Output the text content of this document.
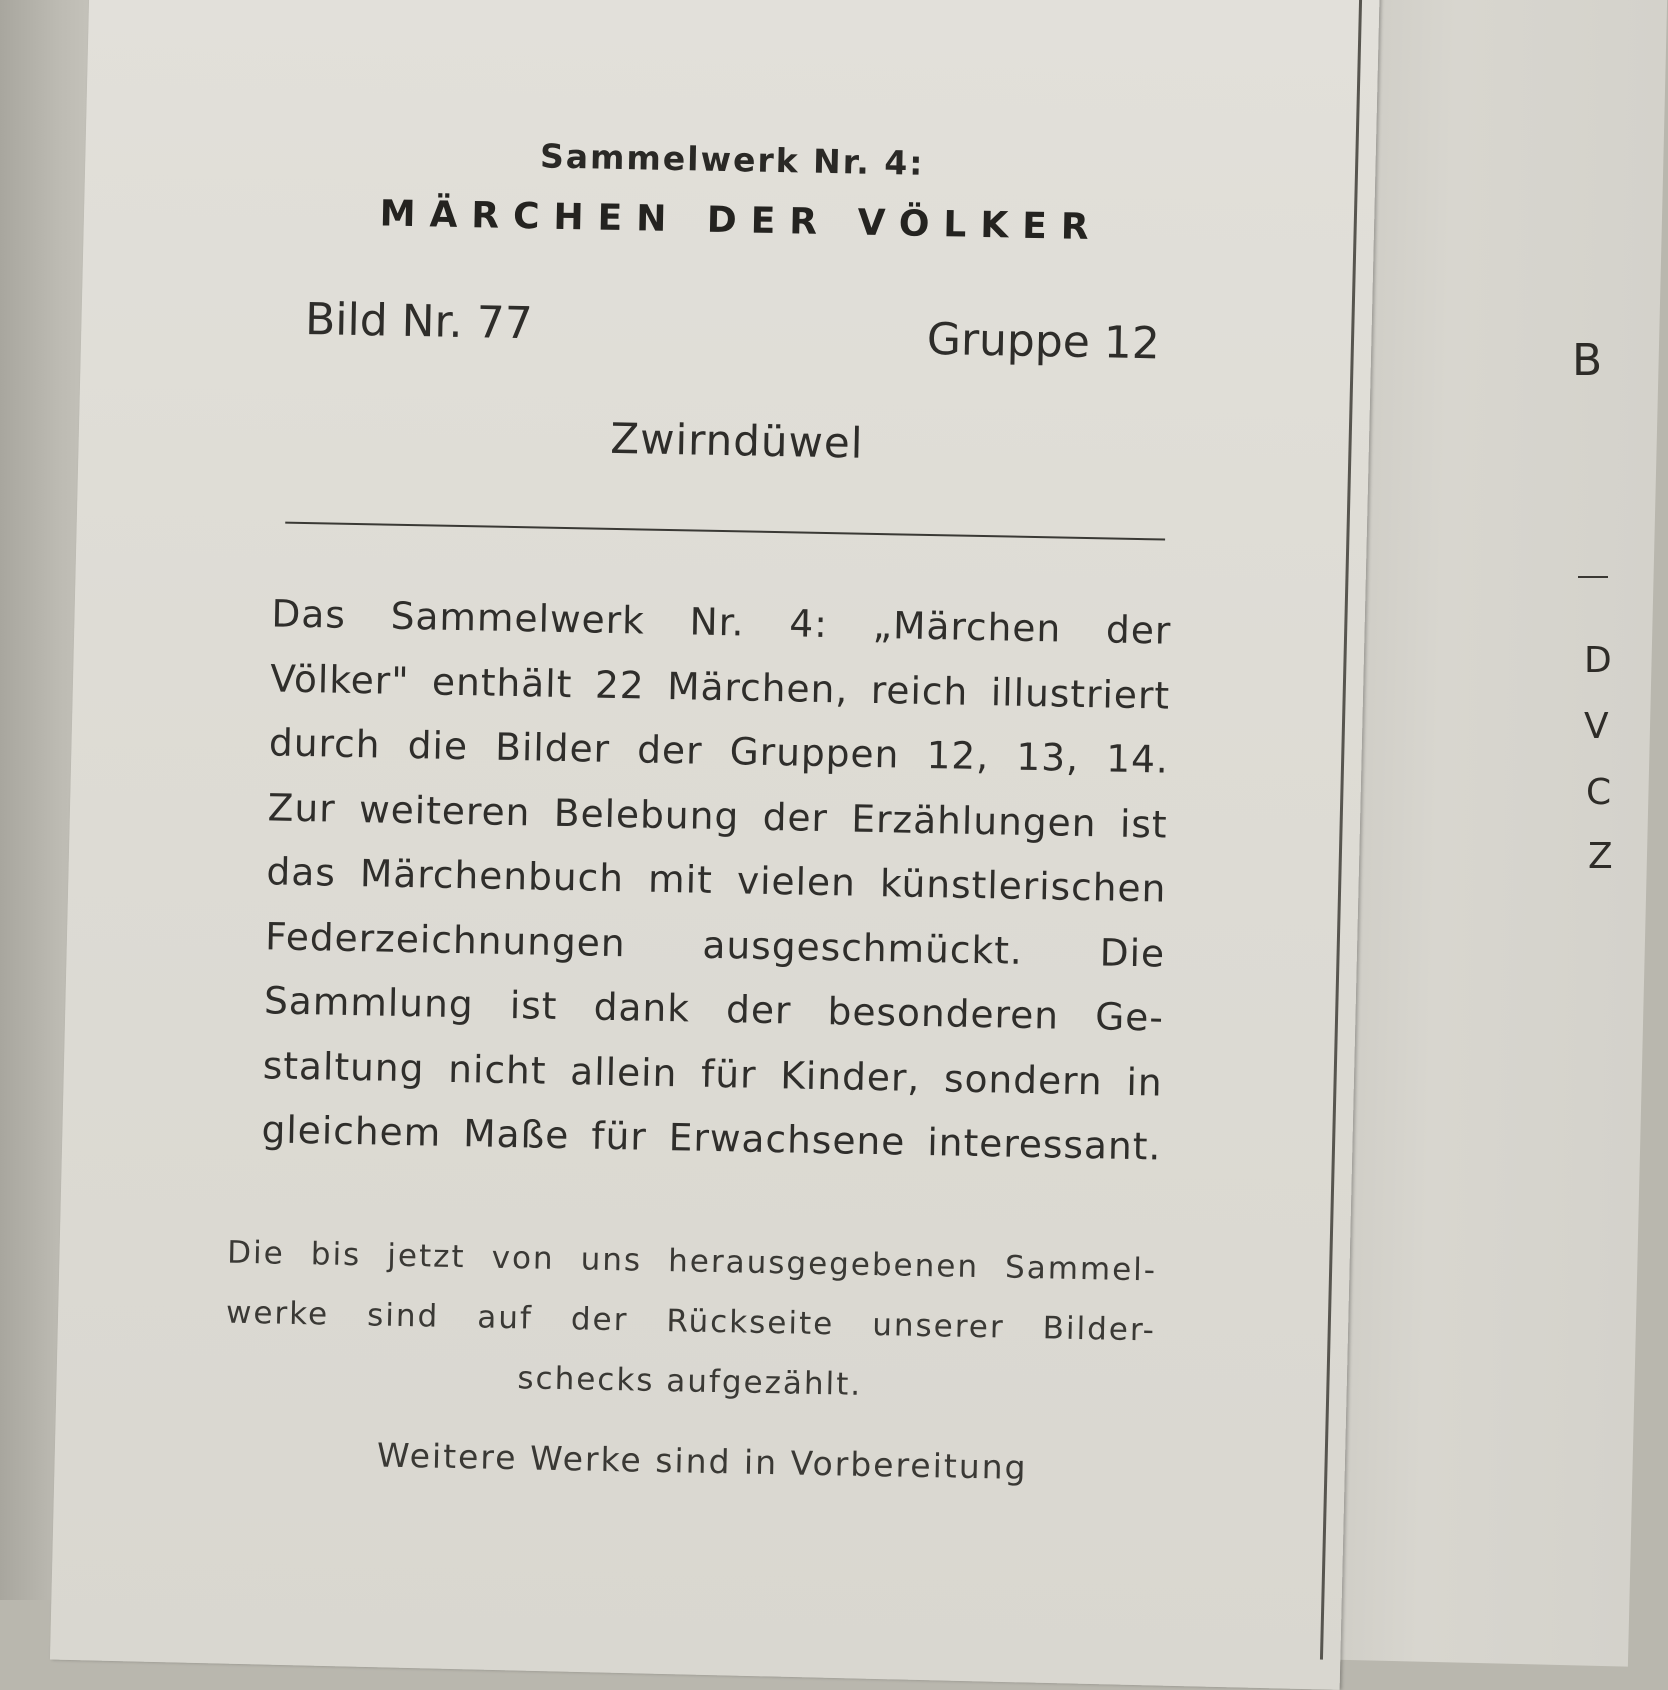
Sammelwerk Nr. 4:
MÄRCHEN DER VÖLKER
Bild Nr. 77	Gruppe 12
Zwirndüwel
Das Sammelwerk Nr. 4: „Märchen der
Völker" enthält 22 Märchen, reich illustriert
durch die Bilder der Gruppen 12, 13, 14.
Zur weiteren Belebung der Erzählungen ist
das Märchenbuch mit vielen künstlerischen
Federzeichnungen ausgeschmückt. Die
Sammlung ist dank der besonderen Ge-
staltung nicht allein für Kinder, sondern in
gleichem Maße für Erwachsene interessant.
Die bis jetzt von uns herausgegebenen Sammel-
werke sind auf der Rückseite unserer Bilder-
schecks aufgezählt.
Weitere Werke sind in Vorbereitung
B
D
V
C
Z
